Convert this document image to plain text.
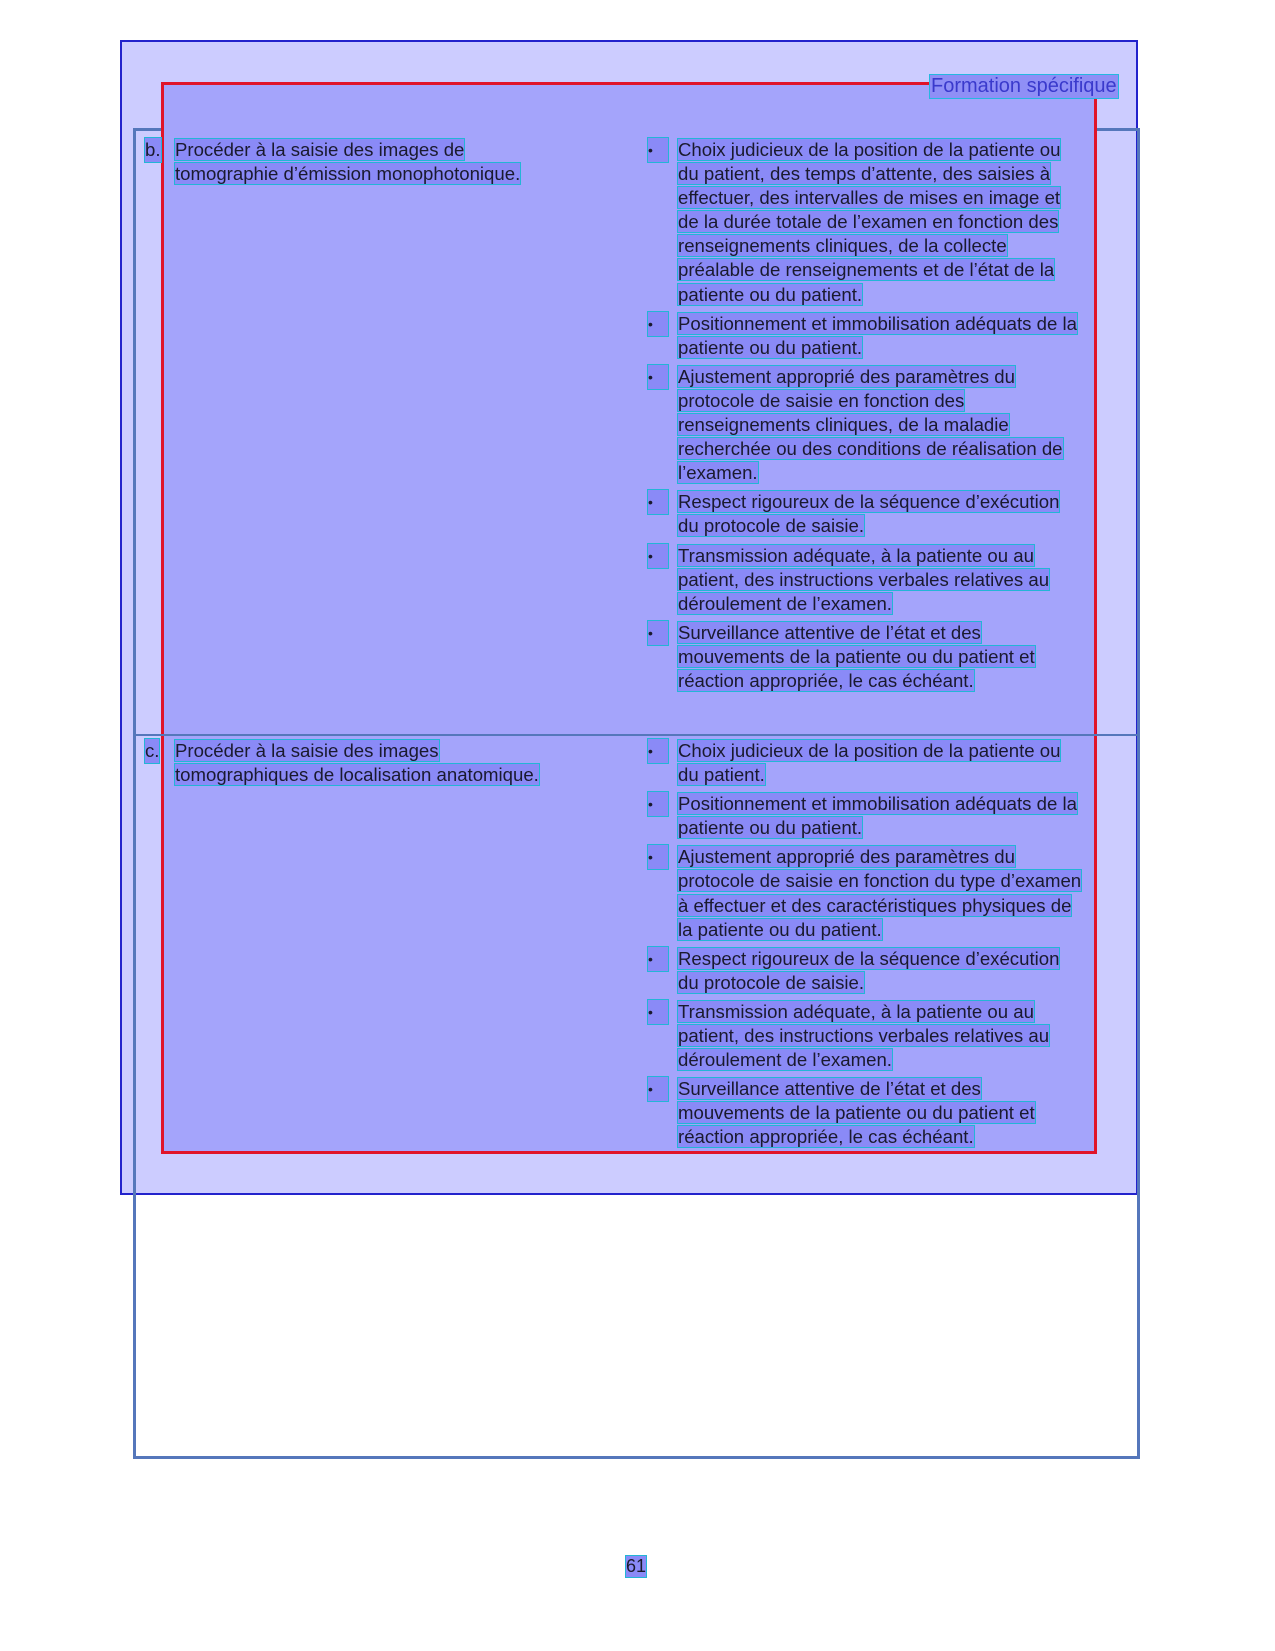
Formation spécifique
b. Procéder à la saisie des images de
tomographie d’émission monophotonique.
•	Choix judicieux de la position de la patiente ou
du patient, des temps d’attente, des saisies à
effectuer, des intervalles de mises en image et
de la durée totale de l’examen en fonction des
renseignements cliniques, de la collecte
préalable de renseignements et de l’état de la
patiente ou du patient.
•	Positionnement et immobilisation adéquats de la
patiente ou du patient.
•	Ajustement approprié des paramètres du
protocole de saisie en fonction des
renseignements cliniques, de la maladie
recherchée ou des conditions de réalisation de
l’examen.
•	Respect rigoureux de la séquence d’exécution
du protocole de saisie.
•	Transmission adéquate, à la patiente ou au
patient, des instructions verbales relatives au
déroulement de l’examen.
•	Surveillance attentive de l’état et des
mouvements de la patiente ou du patient et
réaction appropriée, le cas échéant.
c. Procéder à la saisie des images
tomographiques de localisation anatomique.
•	Choix judicieux de la position de la patiente ou
du patient.
•	Positionnement et immobilisation adéquats de la
patiente ou du patient.
•	Ajustement approprié des paramètres du
protocole de saisie en fonction du type d’examen
à effectuer et des caractéristiques physiques de
la patiente ou du patient.
•	Respect rigoureux de la séquence d’exécution
du protocole de saisie.
•	Transmission adéquate, à la patiente ou au
patient, des instructions verbales relatives au
déroulement de l’examen.
•	Surveillance attentive de l’état et des
mouvements de la patiente ou du patient et
réaction appropriée, le cas échéant.
61
